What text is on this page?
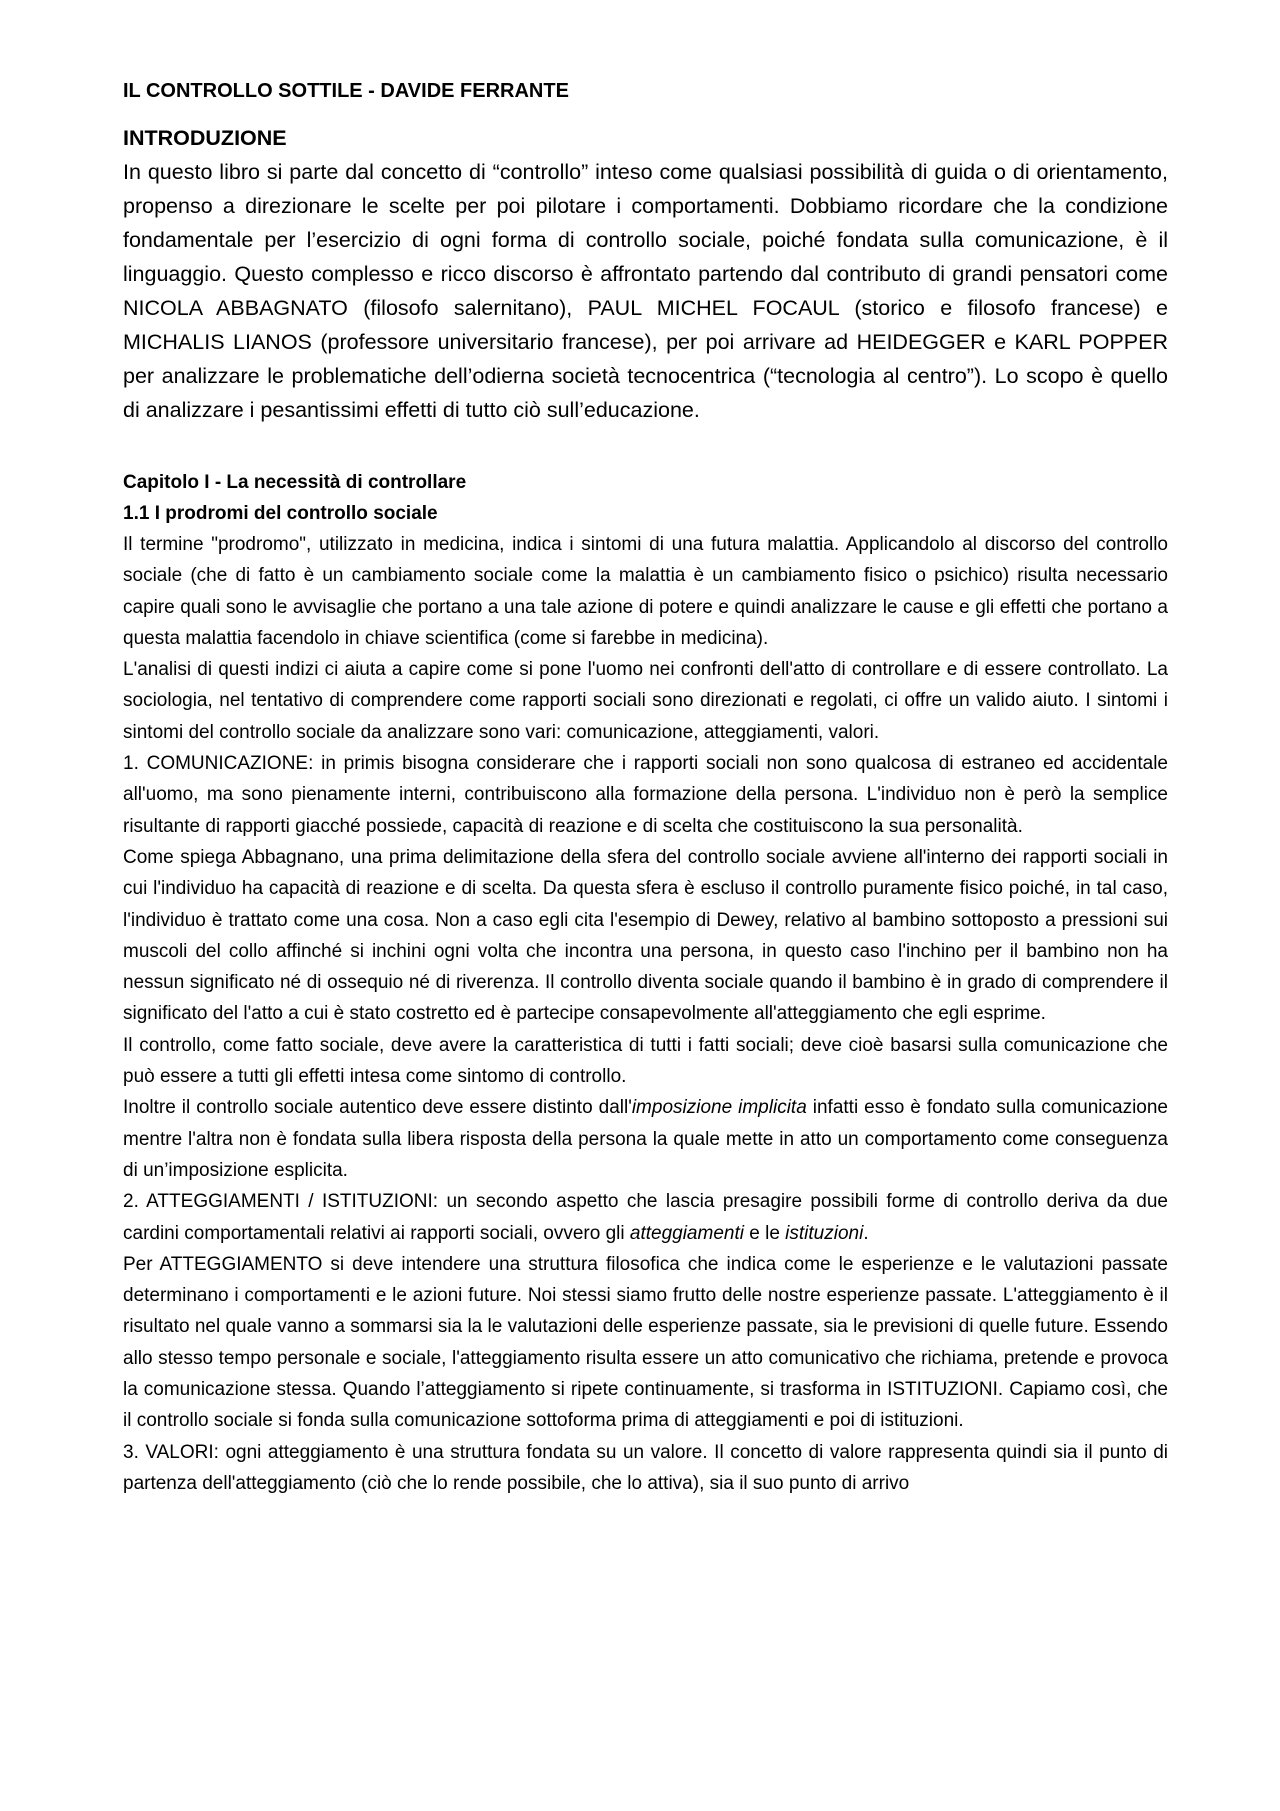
IL CONTROLLO SOTTILE - DAVIDE FERRANTE
INTRODUZIONE

In questo libro si parte dal concetto di “controllo” inteso come qualsiasi possibilità di guida o di orientamento, propenso a direzionare le scelte per poi pilotare i comportamenti. Dobbiamo ricordare che la condizione fondamentale per l’esercizio di ogni forma di controllo sociale, poiché fondata sulla comunicazione, è il linguaggio. Questo complesso e ricco discorso è affrontato partendo dal contributo di grandi pensatori come NICOLA ABBAGNATO (filosofo salernitano), PAUL MICHEL FOCAUL (storico e filosofo francese) e MICHALIS LIANOS (professore universitario francese), per poi arrivare ad HEIDEGGER e KARL POPPER per analizzare le problematiche dell’odierna società tecnocentrica (“tecnologia al centro”). Lo scopo è quello di analizzare i pesantissimi effetti di tutto ciò sull’educazione.

Capitolo I - La necessità di controllare
1.1 I prodromi del controllo sociale

Il termine "prodromo", utilizzato in medicina, indica i sintomi di una futura malattia. Applicandolo al discorso del controllo sociale (che di fatto è un cambiamento sociale come la malattia è un cambiamento fisico o psichico) risulta necessario capire quali sono le avvisaglie che portano a una tale azione di potere e quindi analizzare le cause e gli effetti che portano a questa malattia facendolo in chiave scientifica (come si farebbe in medicina).

L'analisi di questi indizi ci aiuta a capire come si pone l'uomo nei confronti dell'atto di controllare e di essere controllato. La sociologia, nel tentativo di comprendere come rapporti sociali sono direzionati e regolati, ci offre un valido aiuto. I sintomi i sintomi del controllo sociale da analizzare sono vari: comunicazione, atteggiamenti, valori.

1. COMUNICAZIONE: in primis bisogna considerare che i rapporti sociali non sono qualcosa di estraneo ed accidentale all'uomo, ma sono pienamente interni, contribuiscono alla formazione della persona. L'individuo non è però la semplice risultante di rapporti giacché possiede, capacità di reazione e di scelta che costituiscono la sua personalità.

Come spiega Abbagnano, una prima delimitazione della sfera del controllo sociale avviene all'interno dei rapporti sociali in cui l'individuo ha capacità di reazione e di scelta. Da questa sfera è escluso il controllo puramente fisico poiché, in tal caso, l'individuo è trattato come una cosa. Non a caso egli cita l'esempio di Dewey, relativo al bambino sottoposto a pressioni sui muscoli del collo affinché si inchini ogni volta che incontra una persona, in questo caso l'inchino per il bambino non ha nessun significato né di ossequio né di riverenza. Il controllo diventa sociale quando il bambino è in grado di comprendere il significato del l'atto a cui è stato costretto ed è partecipe consapevolmente all'atteggiamento che egli esprime.

Il controllo, come fatto sociale, deve avere la caratteristica di tutti i fatti sociali; deve cioè basarsi sulla comunicazione che può essere a tutti gli effetti intesa come sintomo di controllo.

Inoltre il controllo sociale autentico deve essere distinto dall'imposizione implicita infatti esso è fondato sulla comunicazione mentre l'altra non è fondata sulla libera risposta della persona la quale mette in atto un comportamento come conseguenza di un’imposizione esplicita.

2. ATTEGGIAMENTI / ISTITUZIONI: un secondo aspetto che lascia presagire possibili forme di controllo deriva da due cardini comportamentali relativi ai rapporti sociali, ovvero gli atteggiamenti e le istituzioni.

Per ATTEGGIAMENTO si deve intendere una struttura filosofica che indica come le esperienze e le valutazioni passate determinano i comportamenti e le azioni future. Noi stessi siamo frutto delle nostre esperienze passate. L'atteggiamento è il risultato nel quale vanno a sommarsi sia la le valutazioni delle esperienze passate, sia le previsioni di quelle future. Essendo allo stesso tempo personale e sociale, l'atteggiamento risulta essere un atto comunicativo che richiama, pretende e provoca la comunicazione stessa. Quando l’atteggiamento si ripete continuamente, si trasforma in ISTITUZIONI. Capiamo così, che il controllo sociale si fonda sulla comunicazione sottoforma prima di atteggiamenti e poi di istituzioni.

3. VALORI: ogni atteggiamento è una struttura fondata su un valore. Il concetto di valore rappresenta quindi sia il punto di partenza dell'atteggiamento (ciò che lo rende possibile, che lo attiva), sia il suo punto di arrivo
